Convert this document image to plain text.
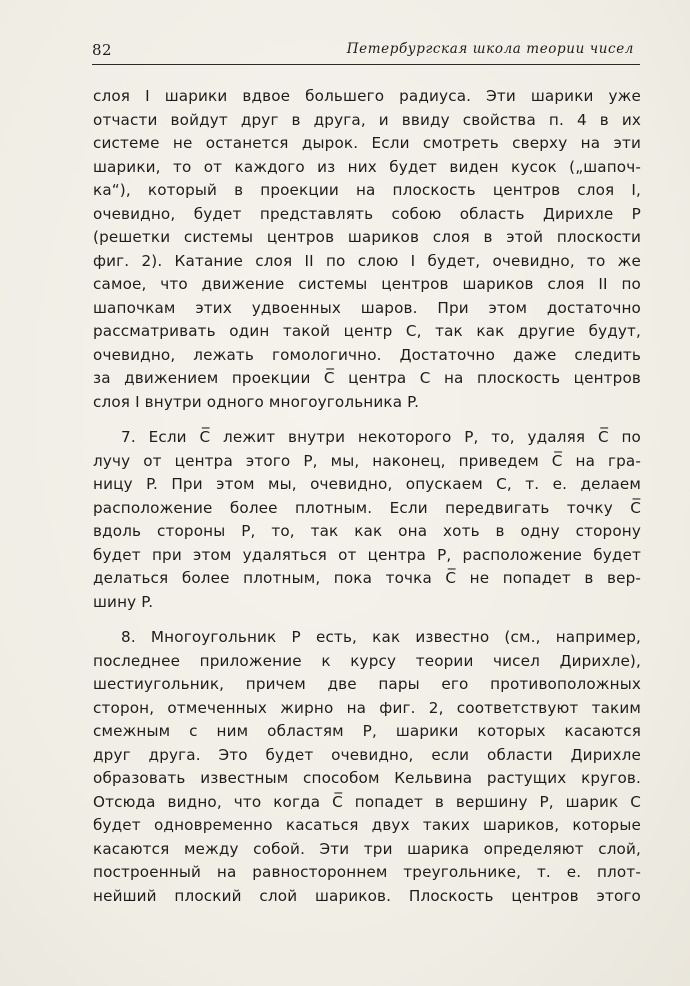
82	Петербургская школа теории чисел

слоя I шарики вдвое большего радиуса. Эти шарики уже
отчасти войдут друг в друга, и ввиду свойства п. 4 в их
системе не останется дырок. Если смотреть сверху на эти
шарики, то от каждого из них будет виден кусок („шапоч-
ка“), который в проекции на плоскость центров слоя I,
очевидно, будет представлять собою область Дирихле P
(решетки системы центров шариков слоя в этой плоскости
фиг. 2). Катание слоя II по слою I будет, очевидно, то же
самое, что движение системы центров шариков слоя II по
шапочкам этих удвоенных шаров. При этом достаточно
рассматривать один такой центр C, так как другие будут,
очевидно, лежать гомологично. Достаточно даже следить
за движением проекции C̅ центра C на плоскость центров
слоя I внутри одного многоугольника P.

7. Если C̅ лежит внутри некоторого P, то, удаляя C̅ по
лучу от центра этого P, мы, наконец, приведем C̅ на гра-
ницу P. При этом мы, очевидно, опускаем C, т. е. делаем
расположение более плотным. Если передвигать точку C̅
вдоль стороны P, то, так как она хоть в одну сторону
будет при этом удаляться от центра P, расположение будет
делаться более плотным, пока точка C̅ не попадет в вер-
шину P.

8. Многоугольник P есть, как известно (см., например,
последнее приложение к курсу теории чисел Дирихле),
шестиугольник, причем две пары его противоположных
сторон, отмеченных жирно на фиг. 2, соответствуют таким
смежным с ним областям P, шарики которых касаются
друг друга. Это будет очевидно, если области Дирихле
образовать известным способом Кельвина растущих кругов.
Отсюда видно, что когда C̅ попадет в вершину P, шарик C
будет одновременно касаться двух таких шариков, которые
касаются между собой. Эти три шарика определяют слой,
построенный на равностороннем треугольнике, т. е. плот-
нейший плоский слой шариков. Плоскость центров этого
